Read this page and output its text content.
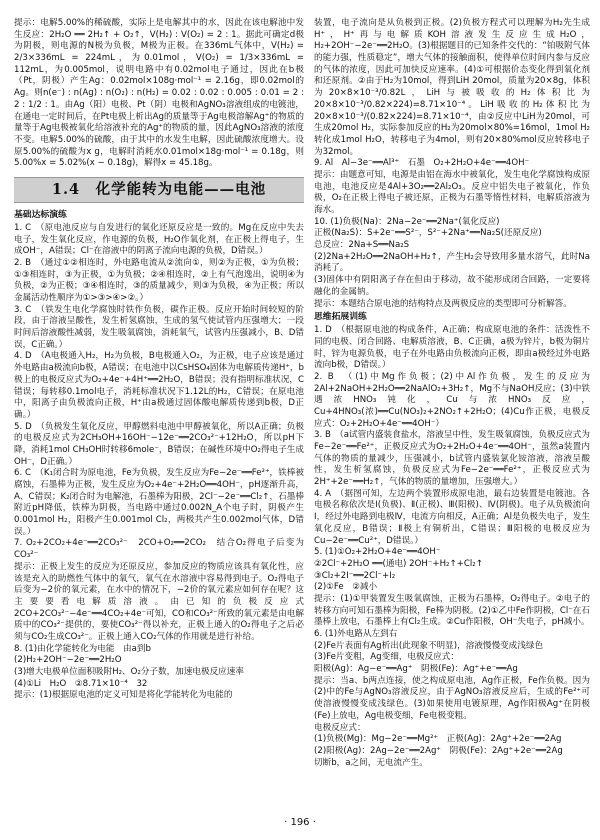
提示：电解5.00%的稀硫酸，实际上是电解其中的水，因此在该电解池中发生反应：2H₂O ══ 2H₂↑ + O₂↑，V(H₂) : V(O₂) = 2 : 1。据此可确定d极为阴极，则电源的N极为负极，M极为正极。在336mL气体中，V(H₂) = 2/3×336mL = 224mL，为0.01mol，V(O₂) = 1/3×336mL = 112mL，为0.005mol，说明电路中有0.02mol电子通过，因此在b极（Pt，阴极）产生Ag：0.02mol×108g·mol⁻¹ = 2.16g，即0.02mol的Ag。则n(e⁻) : n(Ag) : n(O₂) : n(H₂) = 0.02 : 0.02 : 0.005 : 0.01 = 2 : 2 : 1/2 : 1。由Ag（阳）电极、Pt（阴）电极和AgNO₃溶液组成的电镀池，在通电一定时间后，在Pt电极上析出Ag的质量等于Ag电极溶解Ag⁺的物质的量等于Ag电极被氧化给溶液补充的Ag⁺的物质的量，因此AgNO₃溶液的浓度不变。电解5.00%的硫酸，由于其中的水发生电解，因此硫酸浓度增大。设原5.00%的硫酸为x g，电解时消耗水0.01mol×18g·mol⁻¹ = 0.18g，则5.00%x = 5.02%(x − 0.18g)，解得x = 45.18g。

1.4　化学能转为电能——电池
基础达标演练

1. C　（原电池反应与自发进行的氧化还原反应是一致的。Mg在反应中失去电子，发生氧化反应，作电源的负极，H₂O作氧化剂，在正极上得电子，生成OH⁻，A错误；Cl⁻在溶液中的阴离子流向电源的负极，D错误。）

2. B　（通过①②相连时，外电路电流从②流向①，则②为正极，①为负极；①③相连时，③为正极，①为负极；②④相连时，②上有气泡逸出，说明④为负极，②为正极；③④相连时，③的质量减少，则③为负极，④为正极；所以金属活动性顺序为①>③>④>②。）

3. C　（铁发生电化学腐蚀时铁作负极，碳作正极。反应开始时间较短的阶段，由于溶液呈酸性，发生析氢腐蚀，生成的氢气使试管内压强增大；一段时间后溶液酸性减弱，发生吸氧腐蚀，消耗氧气，试管内压强减小，B、D错误，C正确。）

4. D　（A电极通入H₂，H₂为负极，B电极通入O₂，为正极，电子应该是通过外电路由a极流向b极，A错误；在电池中以CsHSO₄固体为电解质传递H⁺，b极上的电极反应式为O₂+4e⁻+4H⁺══2H₂O，B错误；没有指明标准状况，C错误；每转移0.1mol电子，消耗标准状况下1.12L的H₂，C错误；在原电池中，阳离子由负极流向正极，H⁺由a极通过固体酸电解质传递到b极，D正确。）

5. D　（负极发生氧化反应，甲醇燃料电池中甲醇被氧化，所以A正确；负极的电极反应式为2CH₃OH+16OH⁻−12e⁻══2CO₃²⁻+12H₂O，所以pH下降，消耗1mol CH₃OH时转移6mole⁻，B错误；在碱性环境中O₂得电子生成OH⁻，D正确。）

6. C　（K₁闭合时为原电池，Fe为负极，发生反应为Fe−2e⁻══Fe²⁺，铁棒被腐蚀，石墨棒为正极，发生反应为O₂+4e⁻+2H₂O══4OH⁻，pH逐渐升高，A、C错误；K₂闭合时为电解池，石墨棒为阳极，2Cl⁻−2e⁻══Cl₂↑，石墨棒附近pH降低，铁棒为阴极，当电路中通过0.002N_A个电子时，阴极产生0.001mol H₂，阳极产生0.001mol Cl₂，两极共产生0.002mol气体，D错误。）

7. O₂+2CO₂+4e⁻══2CO₃²⁻　2CO+O₂══2CO₂　结合O₂得电子后变为CO₃²⁻

提示：正极上发生的反应为还原反应，参加反应的物质应该具有氧化性，应该是充入的助燃性气体中的氧气，氧气在水溶液中容易得到电子。O₂得电子后变为−2价的氧元素，在水中的情况下，−2价的氧元素应如何存在呢？这主要要看电解质溶液。由已知的负极反应式2CO+2CO₃²⁻−4e⁻══4CO₂+4e⁻可知，CO和CO₃²⁻所致的氧元素是由电解质中的CO₃²⁻提供的，要使CO₃²⁻得以补充，正极上通入的O₂得电子之后必须与CO₂生成CO₃²⁻。正极上通入CO₂气体的作用就是进行补给。

8. (1)由化学能转化为电能　由a到b

(2)H₂+2OH⁻−2e⁻══2H₂O

(3)增大电极单位面积吸附H₂、O₂分子数，加速电极反应速率

(4)①Li　H₂O　②8.71×10⁻⁴　32

提示：(1)根据原电池的定义可知是将化学能转化为电能的

装置，电子流向是从负极到正极。(2)负极方程式可以理解为H₂先生成H⁺，H⁺再与电解质KOH溶液发生反应生成H₂O，H₂+2OH⁻−2e⁻══2H₂O。(3)根据题目的已知条件交代的：“铂吸附气体的能力强，性质稳定”，增大气体的接触面积，使得单位时间内参与反应的气体的浓度，因此可加快反应速率。(4)①可根据价态变化得到氧化剂和还原剂。②由于H₂为10mol，得到LiH 20mol，质量为20×8g，体积为20×8×10⁻³/0.82L，LiH与被吸收的H₂体积比为20×8×10⁻³/0.82×224)=8.71×10⁻⁴。LiH吸收的H₂体积比为20×8×10⁻³/(0.82×224)=8.71×10⁻⁴，由②反应中LiH为20mol，可生成20mol H₂，实际参加反应的H₂为20mol×80%=16mol，1mol H₂转化成1mol H₂O，转移电子为4mol，则有20×80%mol反应转移电子为32mol。

9. Al　Al−3e⁻══Al³⁺　石墨　O₂+2H₂O+4e⁻══4OH⁻

提示：由题意可知，电源是由铝在海水中被氧化，发生电化学腐蚀构成原电池，电池反应是4Al+3O₂══2Al₂O₃。反应中铝失电子被氧化，作负极，O₂在正极上得电子被还原，正极为石墨等惰性材料，电解质溶液为海水。

10. (1)负极(Na)：2Na−2e⁻══2Na⁺(氧化反应)

正极(Na₂S)：S+2e⁻══S²⁻，S²⁻+2Na⁺══Na₂S(还原反应)

总反应：2Na+S══Na₂S

(2)2Na+2H₂O══2NaOH+H₂↑，产生H₂会导致用多量水溶气，此时Na消耗了。

(3)固体中有阴阳离子存在但由于移动，故不能形成闭合回路，一定要将融化的金属钠。

提示：本题结合原电池的结构特点及两极反应的类型即可分析解答。

思维拓展训练

1. D　（根据原电池的构成条件，A正确；构成原电池的条件：活泼性不同的电极、闭合回路、电解质溶液，B、C正确，a极为锌片，b极为铜片时，锌为电源负极，电子在外电路由负极流向正极，即由a极经过外电路流向b极，D错误。）

2. B　（(1)中Mg作负极；(2)中Al作负极，发生的反应为2Al+2NaOH+2H₂O══2NaAlO₂+3H₂↑，Mg不与NaOH反应；(3)中铁遇浓HNO₃钝化，Cu与浓HNO₃反应，Cu+4HNO₃(浓)══Cu(NO₃)₂+2NO₂↑+2H₂O；(4)Cu作正极，电极反应式：O₂+2H₂O+4e⁻══4OH⁻）

3. B　（a试管内盛装食盐水，溶液呈中性，发生吸氧腐蚀，负极反应式为Fe−2e⁻══Fe²⁺，正极反应式为O₂+2H₂O+4e⁻══4OH⁻，虽然a装置内气体的物质的量减少，压强减小，b试管内盛装氯化铵溶液，溶液呈酸性，发生析氢腐蚀，负极反应式为Fe−2e⁻══Fe²⁺，正极反应式为2H⁺+2e⁻══H₂↑，气体的物质的量增加，压强增大。）

4. A　（据图可知，左边两个装置形成原电池，最右边装置是电镀池。各电极名称依次是Ⅰ(负极)、Ⅱ(正极)、Ⅲ(阳极)、Ⅳ(阴极)。电子从负极流向Ⅰ，经过外电路到电极Ⅳ，电流方向相反，A正确；Al是负极失电子，发生氧化反应，B错误；Ⅱ极上有铜析出，C错误；Ⅲ阳极的电极反应为Cu−2e⁻══Cu²⁺，D错误。）

5. (1)①O₂+2H₂O+4e⁻══4OH⁻

②2Cl⁻+2H₂O ══(通电) 2OH⁻+H₂↑+Cl₂↑

③Cl₂+2I⁻══2Cl⁻+I₂

(2)①Fe　②减小

提示：(1)①甲装置发生吸氧腐蚀，正极为石墨棒，O₂得电子。②电子的转移方向可知石墨棒为阳极，Fe棒为阴极。(2)①乙中Fe作阴极，Cl⁻在石墨棒上放电，石墨棒上有Cl₂生成。②Cu作阳极，OH⁻失电子，pH减小。

6. (1)外电路从左到右

(2)Fe片表面有Ag析出(此现象不明显)，溶液慢慢变成浅绿色

(3)Fe片变粗，Ag变细，电极反应式：

阳极(Ag)：Ag−e⁻══Ag⁺　阴极(Fe)：Ag⁺+e⁻══Ag

提示：当a、b两点连接，使之构成原电池，Ag作正极，Fe作负极。因为(2)中的Fe与AgNO₃溶液反应，由于AgNO₃溶液反应后，生成的Fe²⁺可使溶液慢慢变成浅绿色。(3)如果使用电镀原理，Ag作阳极Ag⁺在阴极(Fe)上放电，Ag电极变细，Fe电极变粗。

电极反应式：

(1)负极(Mg)：Mg−2e⁻══Mg²⁺　正极(Ag)：2Ag⁺+2e⁻══2Ag

(2)阳极(Ag)：2Ag−2e⁻══2Ag⁺　阴极(Fe)：2Ag⁺+2e⁻══2Ag

切断b，a之间，无电流产生。

· 196 ·
